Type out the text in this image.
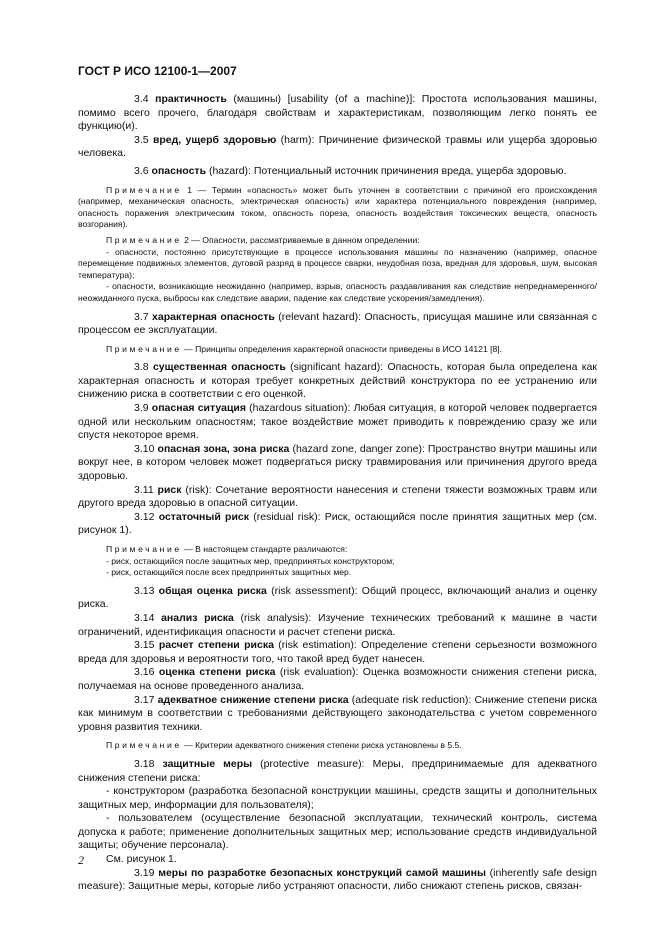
ГОСТ Р ИСО 12100-1—2007

3.4 практичность (машины) [usability (of a machine)]: Простота использования машины, помимо всего прочего, благодаря свойствам и характеристикам, позволяющим легко понять ее функцию(и).

3.5 вред, ущерб здоровью (harm): Причинение физической травмы или ущерба здоровью человека.

3.6 опасность (hazard): Потенциальный источник причинения вреда, ущерба здоровью.

Примечание 1 — Термин «опасность» может быть уточнен в соответствии с причиной его происхождения (например, механическая опасность, электрическая опасность) или характера потенциального повреждения (например, опасность поражения электрическим током, опасность пореза, опасность воздействия токсических веществ, опасность возгорания).

Примечание 2 — Опасности, рассматриваемые в данном определении:

- опасности, постоянно присутствующие в процессе использования машины по назначению (например, опасное перемещение подвижных элементов, дуговой разряд в процессе сварки, неудобная поза, вредная для здоровья, шум, высокая температура);

- опасности, возникающие неожиданно (например, взрыв, опасность раздавливания как следствие непреднамеренного/неожиданного пуска, выбросы как следствие аварии, падение как следствие ускорения/замедления).

3.7 характерная опасность (relevant hazard): Опасность, присущая машине или связанная с процессом ее эксплуатации.

Примечание — Принципы определения характерной опасности приведены в ИСО 14121 [8].

3.8 существенная опасность (significant hazard): Опасность, которая была определена как характерная опасность и которая требует конкретных действий конструктора по ее устранению или снижению риска в соответствии с его оценкой.

3.9 опасная ситуация (hazardous situation): Любая ситуация, в которой человек подвергается одной или нескольким опасностям; такое воздействие может приводить к повреждению сразу же или спустя некоторое время.

3.10 опасная зона, зона риска (hazard zone, danger zone): Пространство внутри машины или вокруг нее, в котором человек может подвергаться риску травмирования или причинения другого вреда здоровью.

3.11 риск (risk): Сочетание вероятности нанесения и степени тяжести возможных травм или другого вреда здоровью в опасной ситуации.

3.12 остаточный риск (residual risk): Риск, остающийся после принятия защитных мер (см. рисунок 1).

Примечание — В настоящем стандарте различаются:

- риск, остающийся после защитных мер, предпринятых конструктором;

- риск, остающийся после всех предпринятых защитных мер.

3.13 общая оценка риска (risk assessment): Общий процесс, включающий анализ и оценку риска.

3.14 анализ риска (risk analysis): Изучение технических требований к машине в части ограничений, идентификация опасности и расчет степени риска.

3.15 расчет степени риска (risk estimation): Определение степени серьезности возможного вреда для здоровья и вероятности того, что такой вред будет нанесен.

3.16 оценка степени риска (risk evaluation): Оценка возможности снижения степени риска, получаемая на основе проведенного анализа.

3.17 адекватное снижение степени риска (adequate risk reduction): Снижение степени риска как минимум в соответствии с требованиями действующего законодательства с учетом современного уровня развития техники.

Примечание — Критерии адекватного снижения степени риска установлены в 5.5.

3.18 защитные меры (protective measure): Меры, предпринимаемые для адекватного снижения степени риска:

- конструктором (разработка безопасной конструкции машины, средств защиты и дополнительных защитных мер, информации для пользователя);

- пользователем (осуществление безопасной эксплуатации, технический контроль, система допуска к работе; применение дополнительных защитных мер; использование средств индивидуальной защиты; обучение персонала).

См. рисунок 1.

3.19 меры по разработке безопасных конструкций самой машины (inherently safe design measure): Защитные меры, которые либо устраняют опасности, либо снижают степень рисков, связан-

2
